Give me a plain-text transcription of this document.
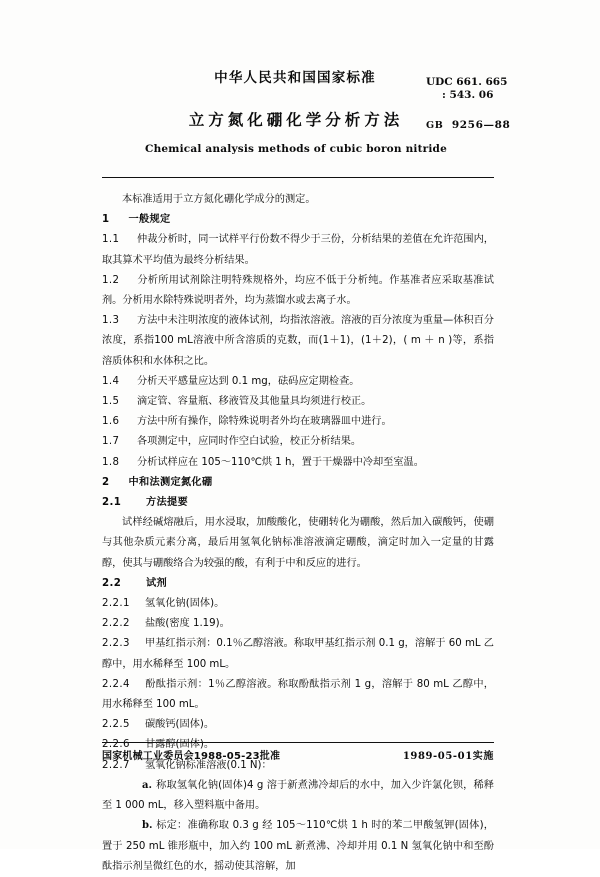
中华人民共和国国家标准
立方氮化硼化学分析方法
Chemical analysis methods of cubic boron nitride
UDC 661. 665
: 543. 06
GB 9256—88

本标准适用于立方氮化硼化学成分的测定。

1 一般规定

1.1 仲裁分析时，同一试样平行份数不得少于三份，分析结果的差值在允许范围内，取其算术平均值为最终分析结果。

1.2 分析所用试剂除注明特殊规格外，均应不低于分析纯。作基准者应采取基准试剂。分析用水除特殊说明者外，均为蒸馏水或去离子水。

1.3 方法中未注明浓度的液体试剂，均指浓溶液。溶液的百分浓度为重量—体积百分浓度，系指100 mL溶液中所含溶质的克数，而(1＋1)，(1＋2)，( m ＋ n )等，系指溶质体积和水体积之比。

1.4 分析天平感量应达到 0.1 mg，砝码应定期检查。

1.5 滴定管、容量瓶、移液管及其他量具均须进行校正。

1.6 方法中所有操作，除特殊说明者外均在玻璃器皿中进行。

1.7 各项测定中，应同时作空白试验，校正分析结果。

1.8 分析试样应在 105～110℃烘 1 h，置于干燥器中冷却至室温。

2 中和法测定氮化硼

2.1 方法提要

试样经碱熔融后，用水浸取，加酸酸化，使硼转化为硼酸，然后加入碳酸钙，使硼与其他杂质元素分离，最后用氢氧化钠标准溶液滴定硼酸，滴定时加入一定量的甘露醇，使其与硼酸络合为较强的酸，有利于中和反应的进行。

2.2 试剂

2.2.1 氢氧化钠(固体)。

2.2.2 盐酸(密度 1.19)。

2.2.3 甲基红指示剂：0.1％乙醇溶液。称取甲基红指示剂 0.1 g，溶解于 60 mL 乙醇中，用水稀释至 100 mL。

2.2.4 酚酞指示剂：1％乙醇溶液。称取酚酞指示剂 1 g，溶解于 80 mL 乙醇中，用水稀释至 100 mL。

2.2.5 碳酸钙(固体)。

2.2.6 甘露醇(固体)。

2.2.7 氢氧化钠标准溶液(0.1 N)：

a. 称取氢氧化钠(固体)4 g 溶于新煮沸冷却后的水中，加入少许氯化钡，稀释至 1 000 mL，移入塑料瓶中备用。

b. 标定：准确称取 0.3 g 经 105～110℃烘 1 h 时的苯二甲酸氢钾(固体)，置于 250 mL 锥形瓶中，加入约 100 mL 新煮沸、冷却并用 0.1 N 氢氧化钠中和至酚酞指示剂呈微红色的水，摇动使其溶解，加

国家机械工业委员会1988-05-23批准	1989-05-01实施
